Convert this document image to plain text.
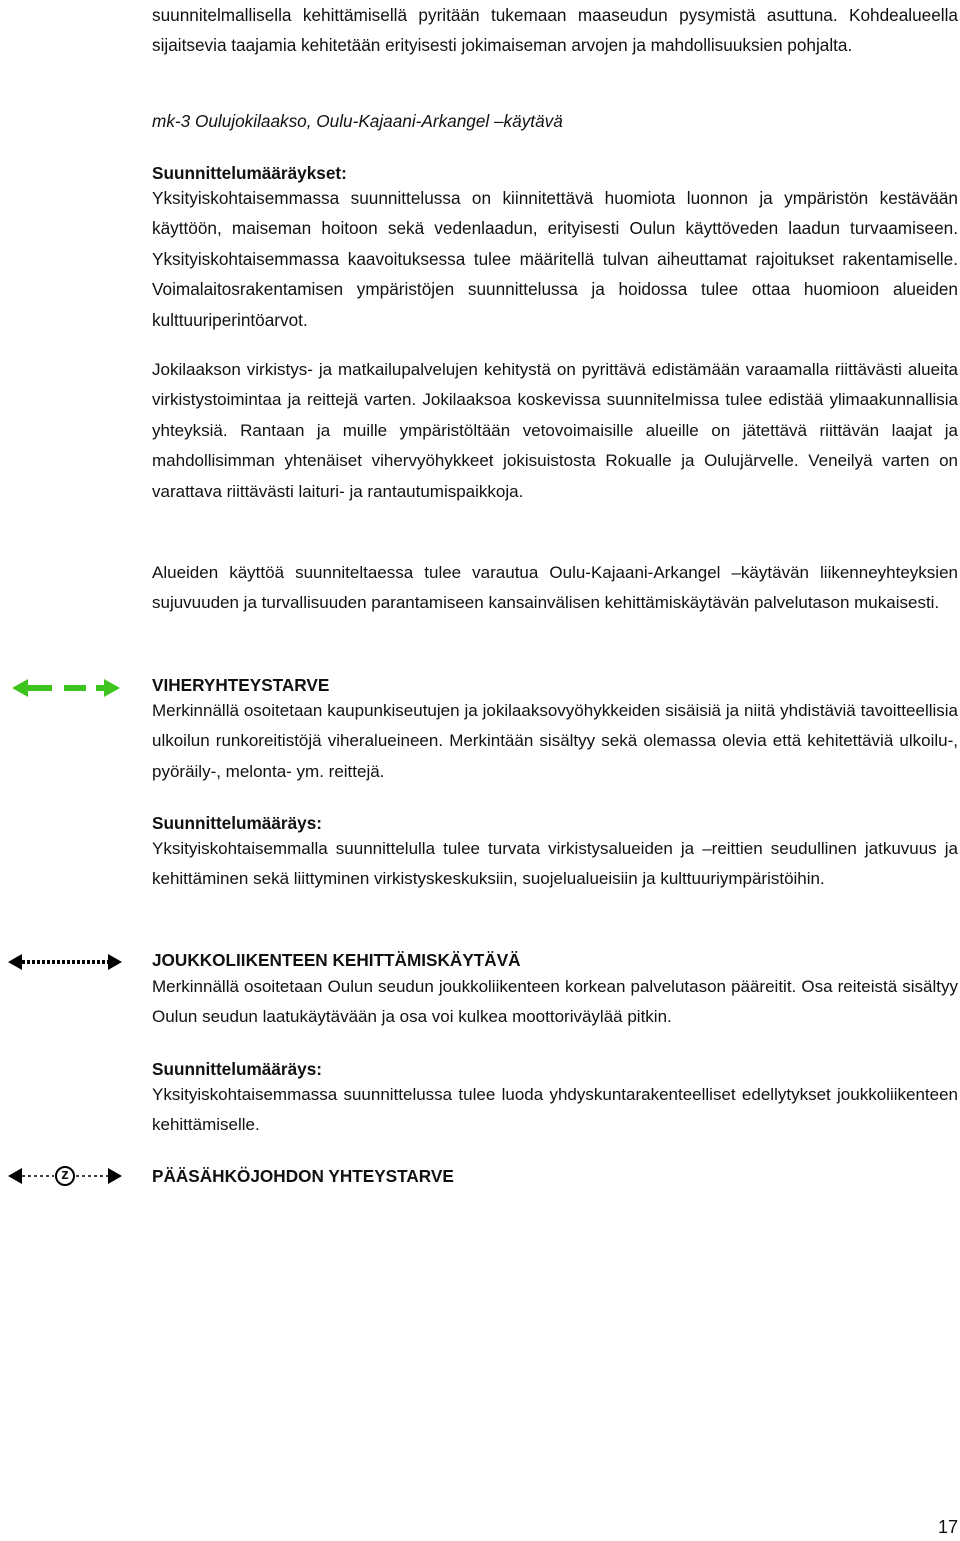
suunnitelmallisella kehittämisellä pyritään tukemaan maaseudun pysymistä asuttuna. Kohdealueella sijaitsevia taajamia kehitetään erityisesti jokimaiseman arvojen ja mahdollisuuksien pohjalta.

mk-3 Oulujokilaakso, Oulu-Kajaani-Arkangel –käytävä

Suunnittelumääräykset:

Yksityiskohtaisemmassa suunnittelussa on kiinnitettävä huomiota luonnon ja ympäristön kestävään käyttöön, maiseman hoitoon sekä vedenlaadun, erityisesti Oulun käyttöveden laadun turvaamiseen. Yksityiskohtaisemmassa kaavoituksessa tulee määritellä tulvan aiheuttamat rajoitukset rakentamiselle. Voimalaitosrakentamisen ympäristöjen suunnittelussa ja hoidossa tulee ottaa huomioon alueiden kulttuuriperintöarvot.

Jokilaakson virkistys- ja matkailupalvelujen kehitystä on pyrittävä edistämään varaamalla riittävästi alueita virkistystoimintaa ja reittejä varten. Jokilaaksoa koskevissa suunnitelmissa tulee edistää ylimaakunnallisia yhteyksiä. Rantaan ja muille ympäristöltään vetovoimaisille alueille on jätettävä riittävän laajat ja mahdollisimman yhtenäiset vihervyöhykkeet jokisuistosta Rokualle ja Oulujärvelle. Veneilyä varten on varattava riittävästi laituri- ja rantautumispaikkoja.

Alueiden käyttöä suunniteltaessa tulee varautua Oulu-Kajaani-Arkangel –käytävän liikenneyhteyksien sujuvuuden ja turvallisuuden parantamiseen kansainvälisen kehittämiskäytävän palvelutason mukaisesti.

VIHERYHTEYSTARVE

Merkinnällä osoitetaan kaupunkiseutujen ja jokilaaksovyöhykkeiden sisäisiä ja niitä yhdistäviä tavoitteellisia ulkoilun runkoreitistöjä viheralueineen. Merkintään sisältyy sekä olemassa olevia että kehitettäviä ulkoilu-, pyöräily-, melonta- ym. reittejä.

Suunnittelumääräys:

Yksityiskohtaisemmalla suunnittelulla tulee turvata virkistysalueiden ja –reittien seudullinen jatkuvuus ja kehittäminen sekä liittyminen virkistyskeskuksiin, suojelualueisiin ja kulttuuriympäristöihin.

JOUKKOLIIKENTEEN KEHITTÄMISKÄYTÄVÄ

Merkinnällä osoitetaan Oulun seudun joukkoliikenteen korkean palvelutason pääreitit. Osa reiteistä sisältyy Oulun seudun laatukäytävään ja osa voi kulkea moottoriväylää pitkin.

Suunnittelumääräys:

Yksityiskohtaisemmassa suunnittelussa tulee luoda yhdyskuntarakenteelliset edellytykset joukkoliikenteen kehittämiselle.

PÄÄSÄHKÖJOHDON YHTEYSTARVE

z
17
